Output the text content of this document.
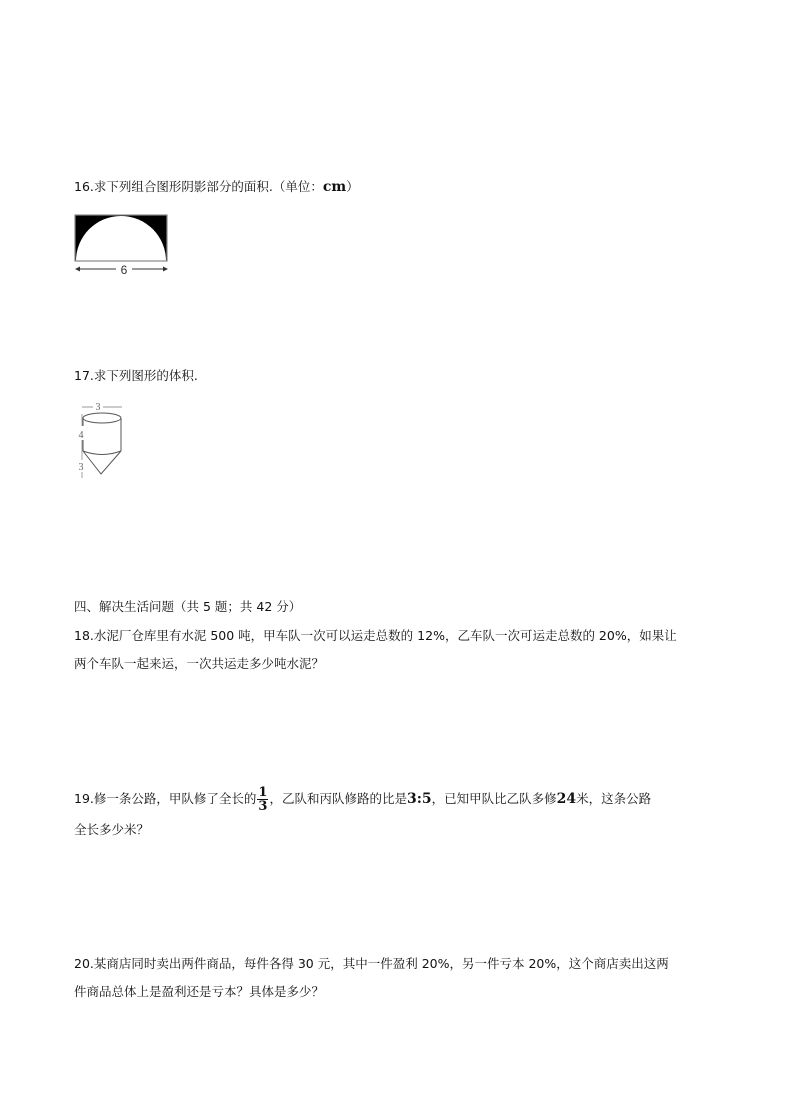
16.求下列组合图形阴影部分的面积.（单位：cm）
6
17.求下列图形的体积.
3
4
3
四、解决生活问题（共 5 题；共 42 分）
18.水泥厂仓库里有水泥 500 吨，甲车队一次可以运走总数的 12%，乙车队一次可运走总数的 20%，如果让
两个车队一起来运，一次共运走多少吨水泥？
19.修一条公路，甲队修了全长的 $\frac{1}{3}$ ，乙队和丙队修路的比是3:5，已知甲队比乙队多修24米，这条公路
全长多少米？
20.某商店同时卖出两件商品，每件各得 30 元，其中一件盈利 20%，另一件亏本 20%，这个商店卖出这两
件商品总体上是盈利还是亏本？具体是多少？
